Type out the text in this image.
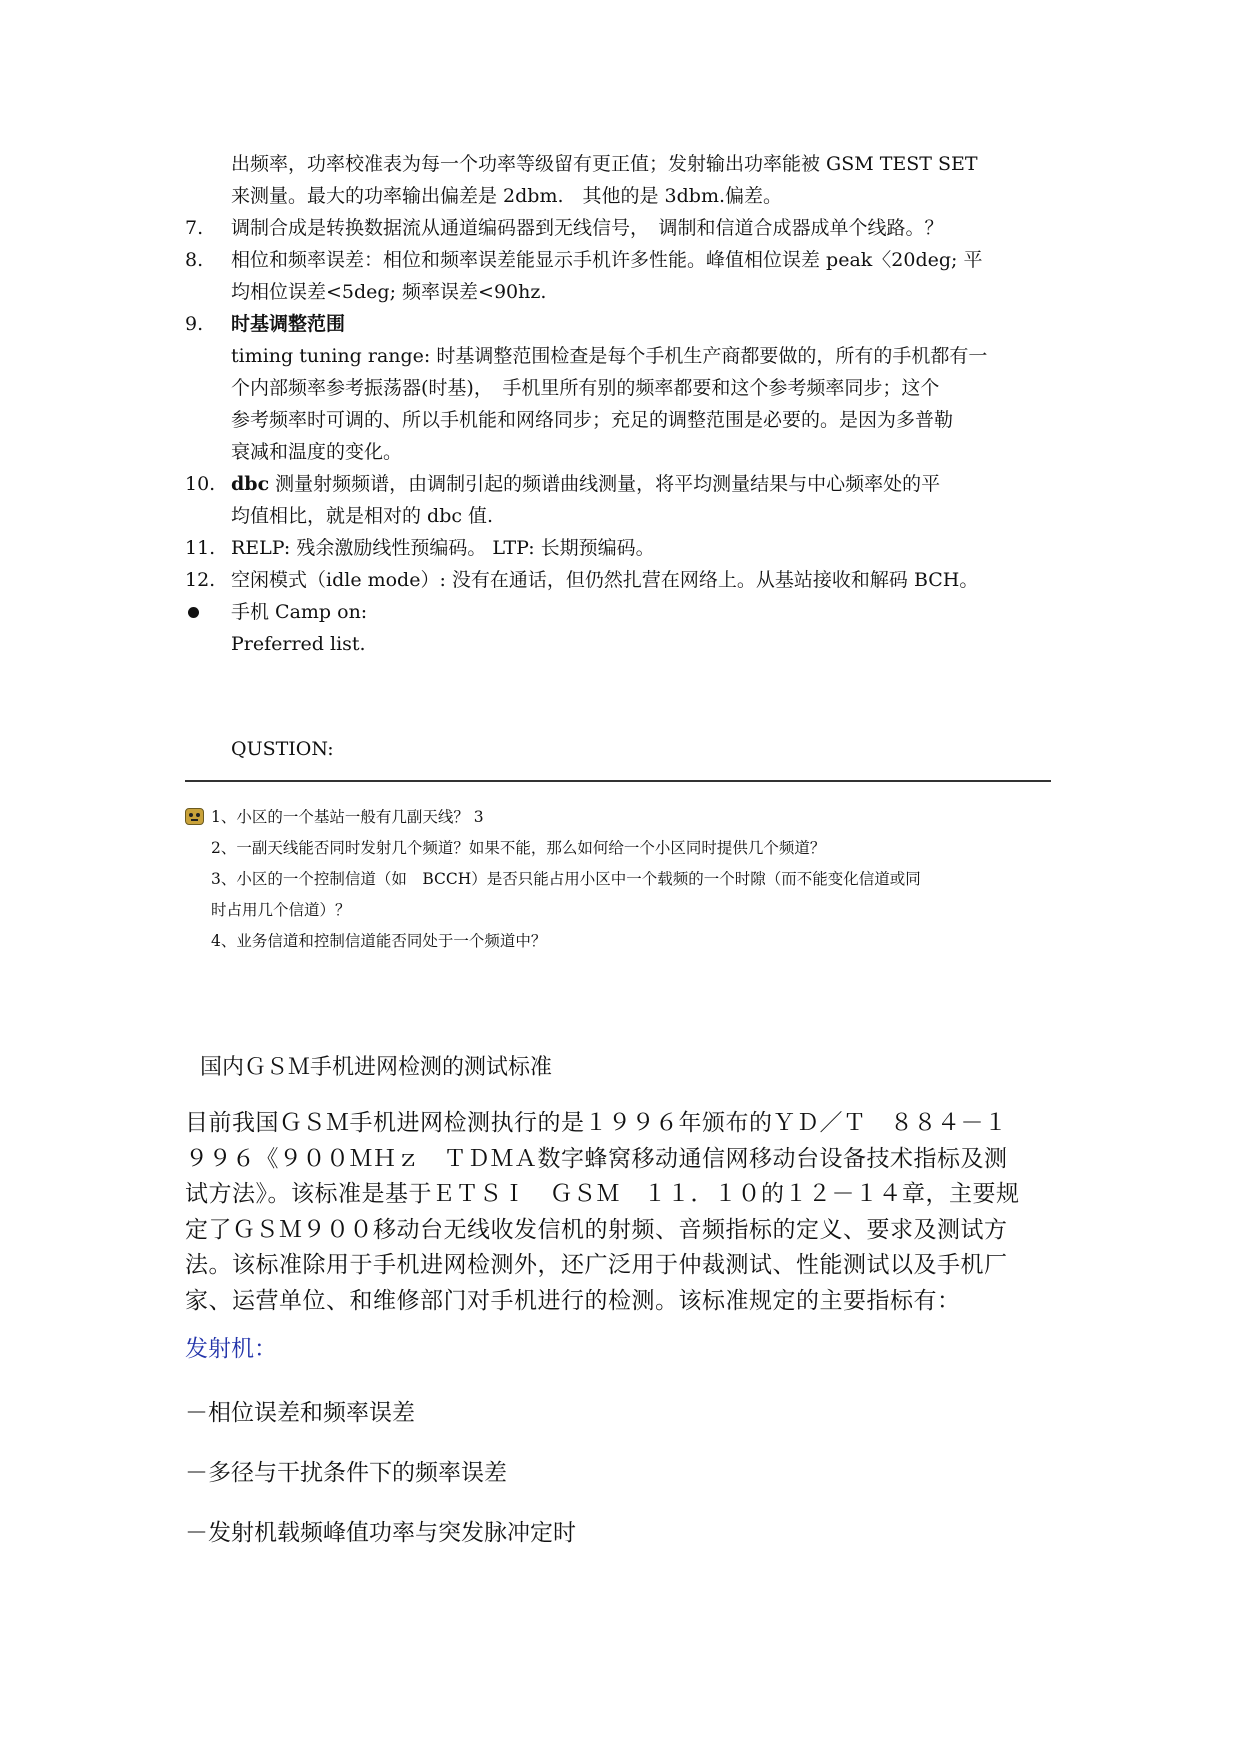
出频率，功率校准表为每一个功率等级留有更正值；发射输出功率能被 GSM TEST SET
来测量。最大的功率输出偏差是 2dbm.　其他的是 3dbm.偏差。
7.	调制合成是转换数据流从通道编码器到无线信号，　调制和信道合成器成单个线路。？
8.	相位和频率误差：相位和频率误差能显示手机许多性能。峰值相位误差 peak〈20deg; 平
均相位误差<5deg; 频率误差<90hz.
9.	时基调整范围
timing tuning range: 时基调整范围检查是每个手机生产商都要做的，所有的手机都有一
个内部频率参考振荡器(时基)，　手机里所有别的频率都要和这个参考频率同步；这个
参考频率时可调的、所以手机能和网络同步；充足的调整范围是必要的。是因为多普勒
衰减和温度的变化。
10. dbc 测量射频频谱，由调制引起的频谱曲线测量，将平均测量结果与中心频率处的平
均值相比，就是相对的 dbc 值.
11. RELP: 残余激励线性预编码。 LTP: 长期预编码。
12. 空闲模式（idle mode）: 没有在通话，但仍然扎营在网络上。从基站接收和解码 BCH。
手机 Camp on:
Preferred list.
QUSTION:
1、小区的一个基站一般有几副天线？ 3
2、一副天线能否同时发射几个频道？如果不能，那么如何给一个小区同时提供几个频道？
3、小区的一个控制信道（如　BCCH）是否只能占用小区中一个载频的一个时隙（而不能变化信道或同
时占用几个信道）？
4、业务信道和控制信道能否同处于一个频道中？
国内ＧＳＭ手机进网检测的测试标准
目前我国ＧＳＭ手机进网检测执行的是１９９６年颁布的ＹＤ／Ｔ　８８４－１
９９６《９００ＭＨｚ　ＴＤＭＡ数字蜂窝移动通信网移动台设备技术指标及测
试方法》。该标准是基于ＥＴＳＩ　ＧＳＭ　１１．１０的１２－１４章，主要规
定了ＧＳＭ９００移动台无线收发信机的射频、音频指标的定义、要求及测试方
法。该标准除用于手机进网检测外，还广泛用于仲裁测试、性能测试以及手机厂
家、运营单位、和维修部门对手机进行的检测。该标准规定的主要指标有：
发射机：
－相位误差和频率误差
－多径与干扰条件下的频率误差
－发射机载频峰值功率与突发脉冲定时
